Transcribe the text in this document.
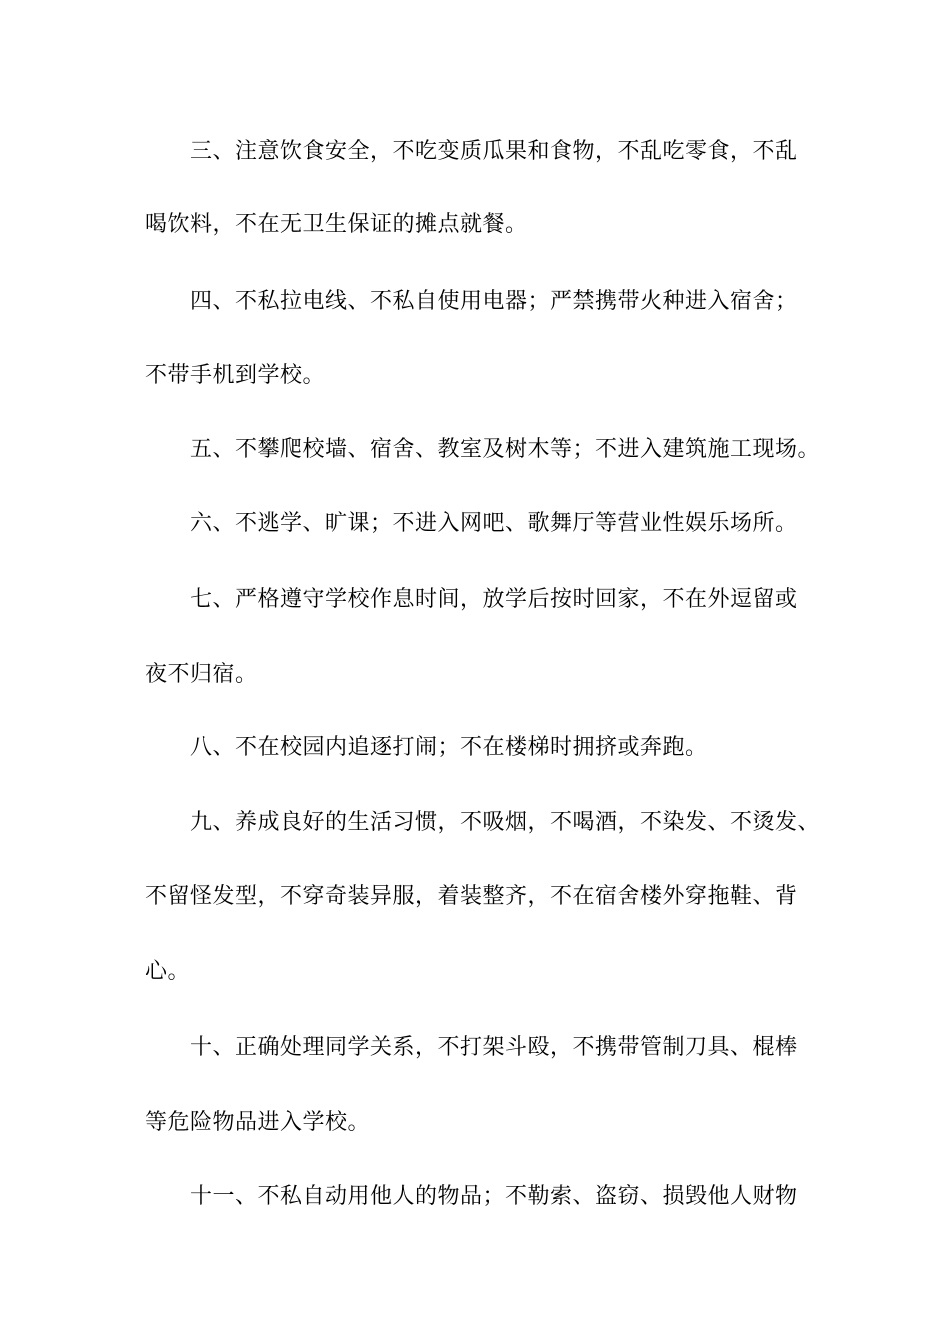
三、注意饮食安全，不吃变质瓜果和食物，不乱吃零食，不乱
喝饮料，不在无卫生保证的摊点就餐。
四、不私拉电线、不私自使用电器；严禁携带火种进入宿舍；
不带手机到学校。
五、不攀爬校墙、宿舍、教室及树木等；不进入建筑施工现场。
六、不逃学、旷课；不进入网吧、歌舞厅等营业性娱乐场所。
七、严格遵守学校作息时间，放学后按时回家，不在外逗留或
夜不归宿。
八、不在校园内追逐打闹；不在楼梯时拥挤或奔跑。
九、养成良好的生活习惯，不吸烟，不喝酒，不染发、不烫发、
不留怪发型，不穿奇装异服，着装整齐，不在宿舍楼外穿拖鞋、背
心。
十、正确处理同学关系，不打架斗殴，不携带管制刀具、棍棒
等危险物品进入学校。
十一、不私自动用他人的物品；不勒索、盗窃、损毁他人财物
